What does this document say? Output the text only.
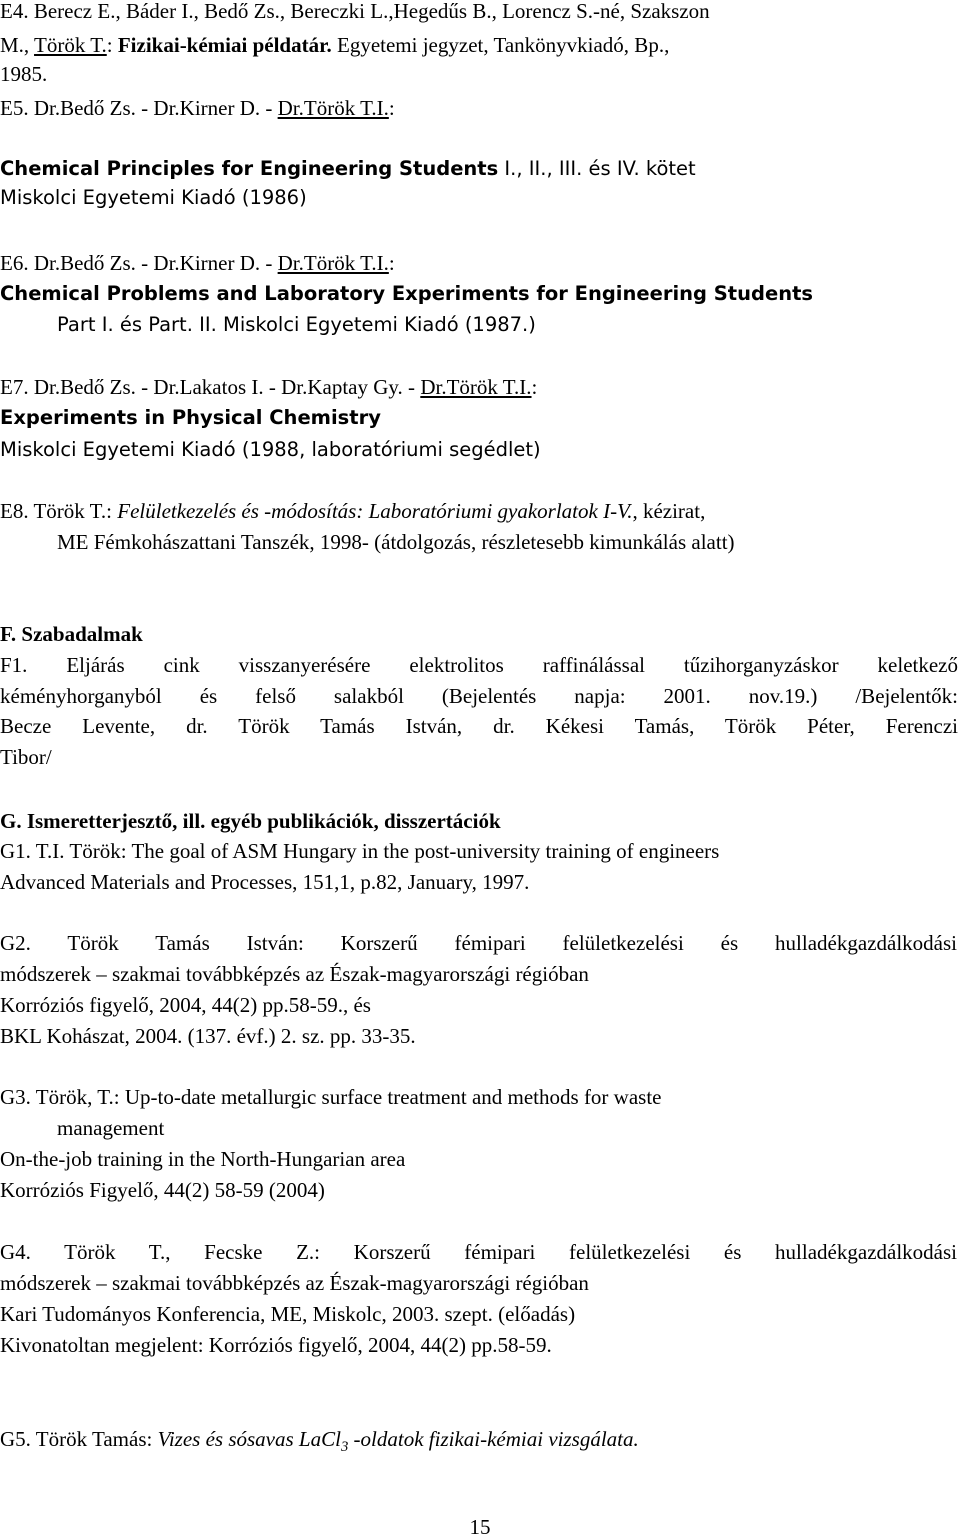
E4. Berecz E., Báder I., Bedő Zs., Bereczki L.,Hegedűs B., Lorencz S.-né, Szakszon
M., Török T.: Fizikai-kémiai példatár. Egyetemi jegyzet, Tankönyvkiadó, Bp.,
1985.
E5. Dr.Bedő Zs. - Dr.Kirner D. - Dr.Török T.I.:
Chemical Principles for Engineering Students I., II., III. és IV. kötet
Miskolci Egyetemi Kiadó (1986)
E6. Dr.Bedő Zs. - Dr.Kirner D. - Dr.Török T.I.:
Chemical Problems and Laboratory Experiments for Engineering Students
Part I. és Part. II. Miskolci Egyetemi Kiadó (1987.)
E7. Dr.Bedő Zs. - Dr.Lakatos I. - Dr.Kaptay Gy. - Dr.Török T.I.:
Experiments in Physical Chemistry
Miskolci Egyetemi Kiadó (1988, laboratóriumi segédlet)
E8. Török T.: Felületkezelés és -módosítás: Laboratóriumi gyakorlatok I-V., kézirat,
ME Fémkohászattani Tanszék, 1998- (átdolgozás, részletesebb kimunkálás alatt)
F. Szabadalmak
F1. Eljárás cink visszanyerésére elektrolitos raffinálással tűzihorganyzáskor keletkező
kéményhorganyból és felső salakból (Bejelentés napja: 2001. nov.19.) /Bejelentők:
Becze Levente, dr. Török Tamás István, dr. Kékesi Tamás, Török Péter, Ferenczi
Tibor/
G. Ismeretterjesztő, ill. egyéb publikációk, disszertációk
G1. T.I. Török: The goal of ASM Hungary in the post-university training of engineers
Advanced Materials and Processes, 151,1, p.82, January, 1997.
G2. Török Tamás István: Korszerű fémipari felületkezelési és hulladékgazdálkodási
módszerek – szakmai továbbképzés az Észak-magyarországi régióban
Korróziós figyelő, 2004, 44(2) pp.58-59., és
BKL Kohászat, 2004. (137. évf.) 2. sz. pp. 33-35.
G3. Török, T.: Up-to-date metallurgic surface treatment and methods for waste
management
On-the-job training in the North-Hungarian area
Korróziós Figyelő, 44(2) 58-59 (2004)
G4. Török T., Fecske Z.: Korszerű fémipari felületkezelési és hulladékgazdálkodási
módszerek – szakmai továbbképzés az Észak-magyarországi régióban
Kari Tudományos Konferencia, ME, Miskolc, 2003. szept. (előadás)
Kivonatoltan megjelent: Korróziós figyelő, 2004, 44(2) pp.58-59.
G5. Török Tamás: Vizes és sósavas LaCl$_3$ -oldatok fizikai-kémiai vizsgálata.
15
